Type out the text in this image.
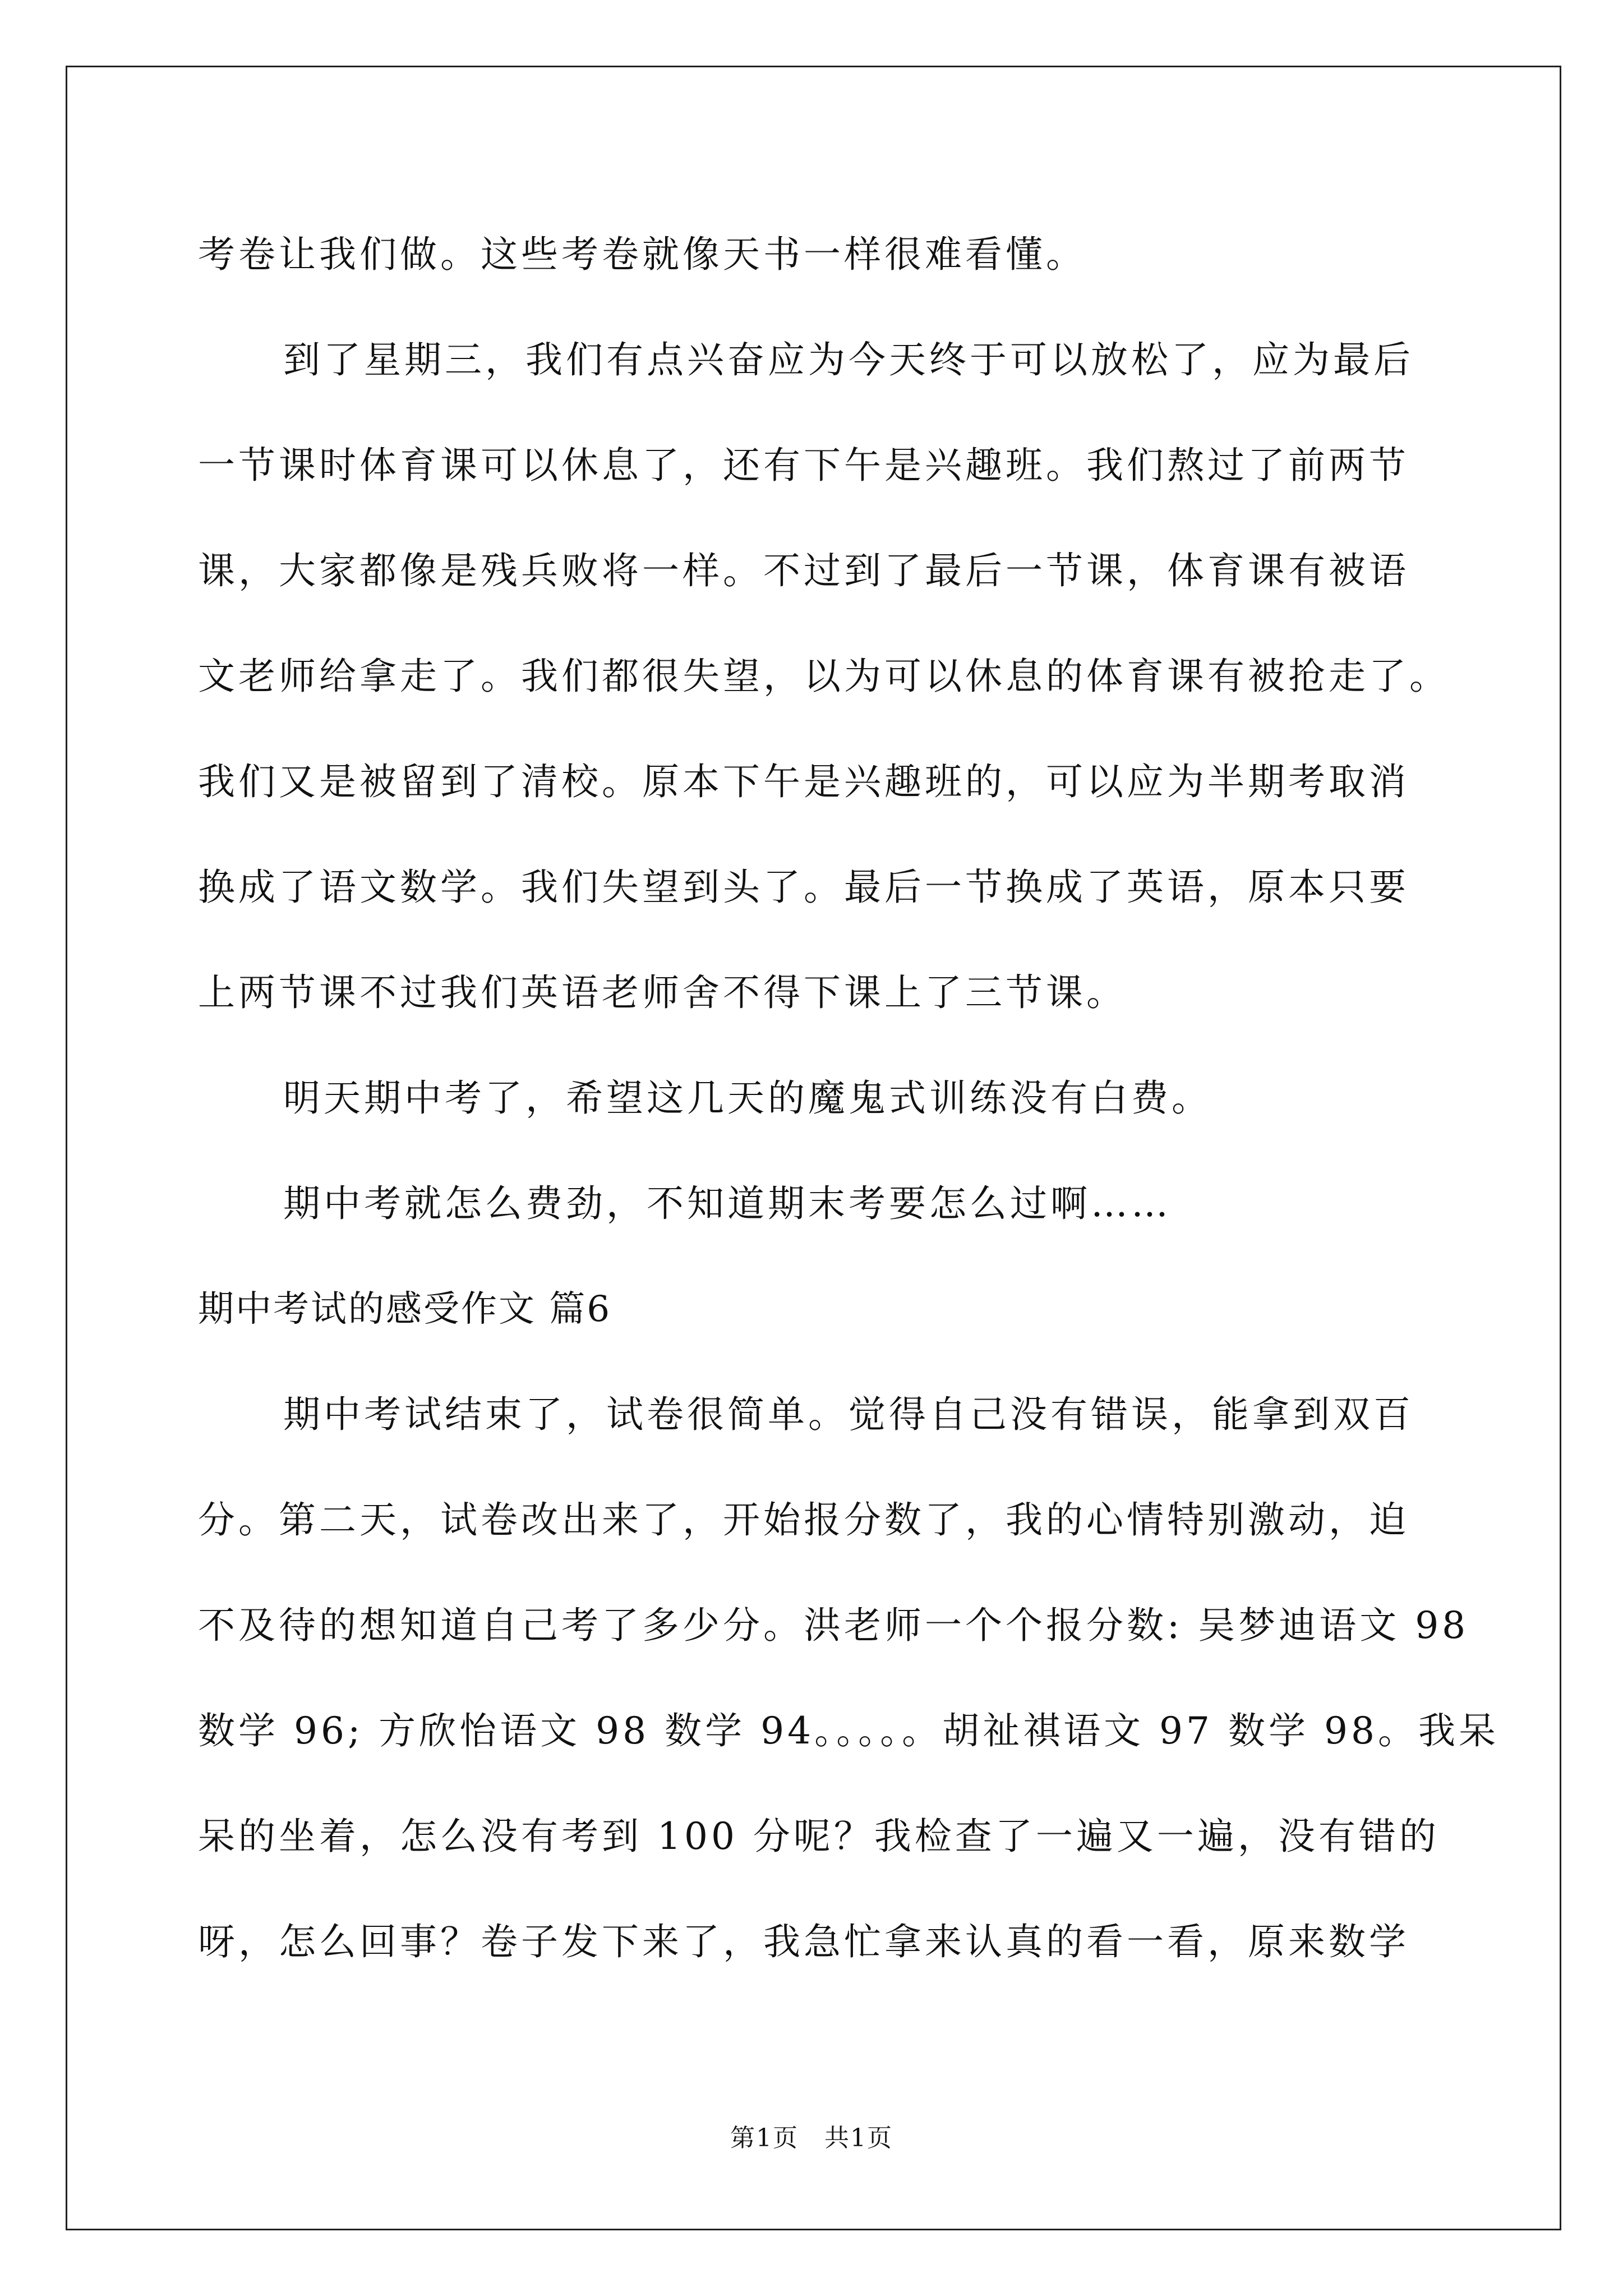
考卷让我们做。这些考卷就像天书一样很难看懂。
到了星期三，我们有点兴奋应为今天终于可以放松了，应为最后
一节课时体育课可以休息了，还有下午是兴趣班。我们熬过了前两节
课，大家都像是残兵败将一样。不过到了最后一节课，体育课有被语
文老师给拿走了。我们都很失望，以为可以休息的体育课有被抢走了。
我们又是被留到了清校。原本下午是兴趣班的，可以应为半期考取消
换成了语文数学。我们失望到头了。最后一节换成了英语，原本只要
上两节课不过我们英语老师舍不得下课上了三节课。
明天期中考了，希望这几天的魔鬼式训练没有白费。
期中考就怎么费劲，不知道期末考要怎么过啊……
期中考试的感受作文 篇6
期中考试结束了，试卷很简单。觉得自己没有错误，能拿到双百
分。第二天，试卷改出来了，开始报分数了，我的心情特别激动，迫
不及待的想知道自己考了多少分。洪老师一个个报分数: 吴梦迪语文 98
数学 96; 方欣怡语文 98 数学 94。。。。。胡祉祺语文 97 数学 98。我呆
呆的坐着，怎么没有考到 100 分呢？我检查了一遍又一遍，没有错的
呀，怎么回事？卷子发下来了，我急忙拿来认真的看一看，原来数学
第1页　共1页
